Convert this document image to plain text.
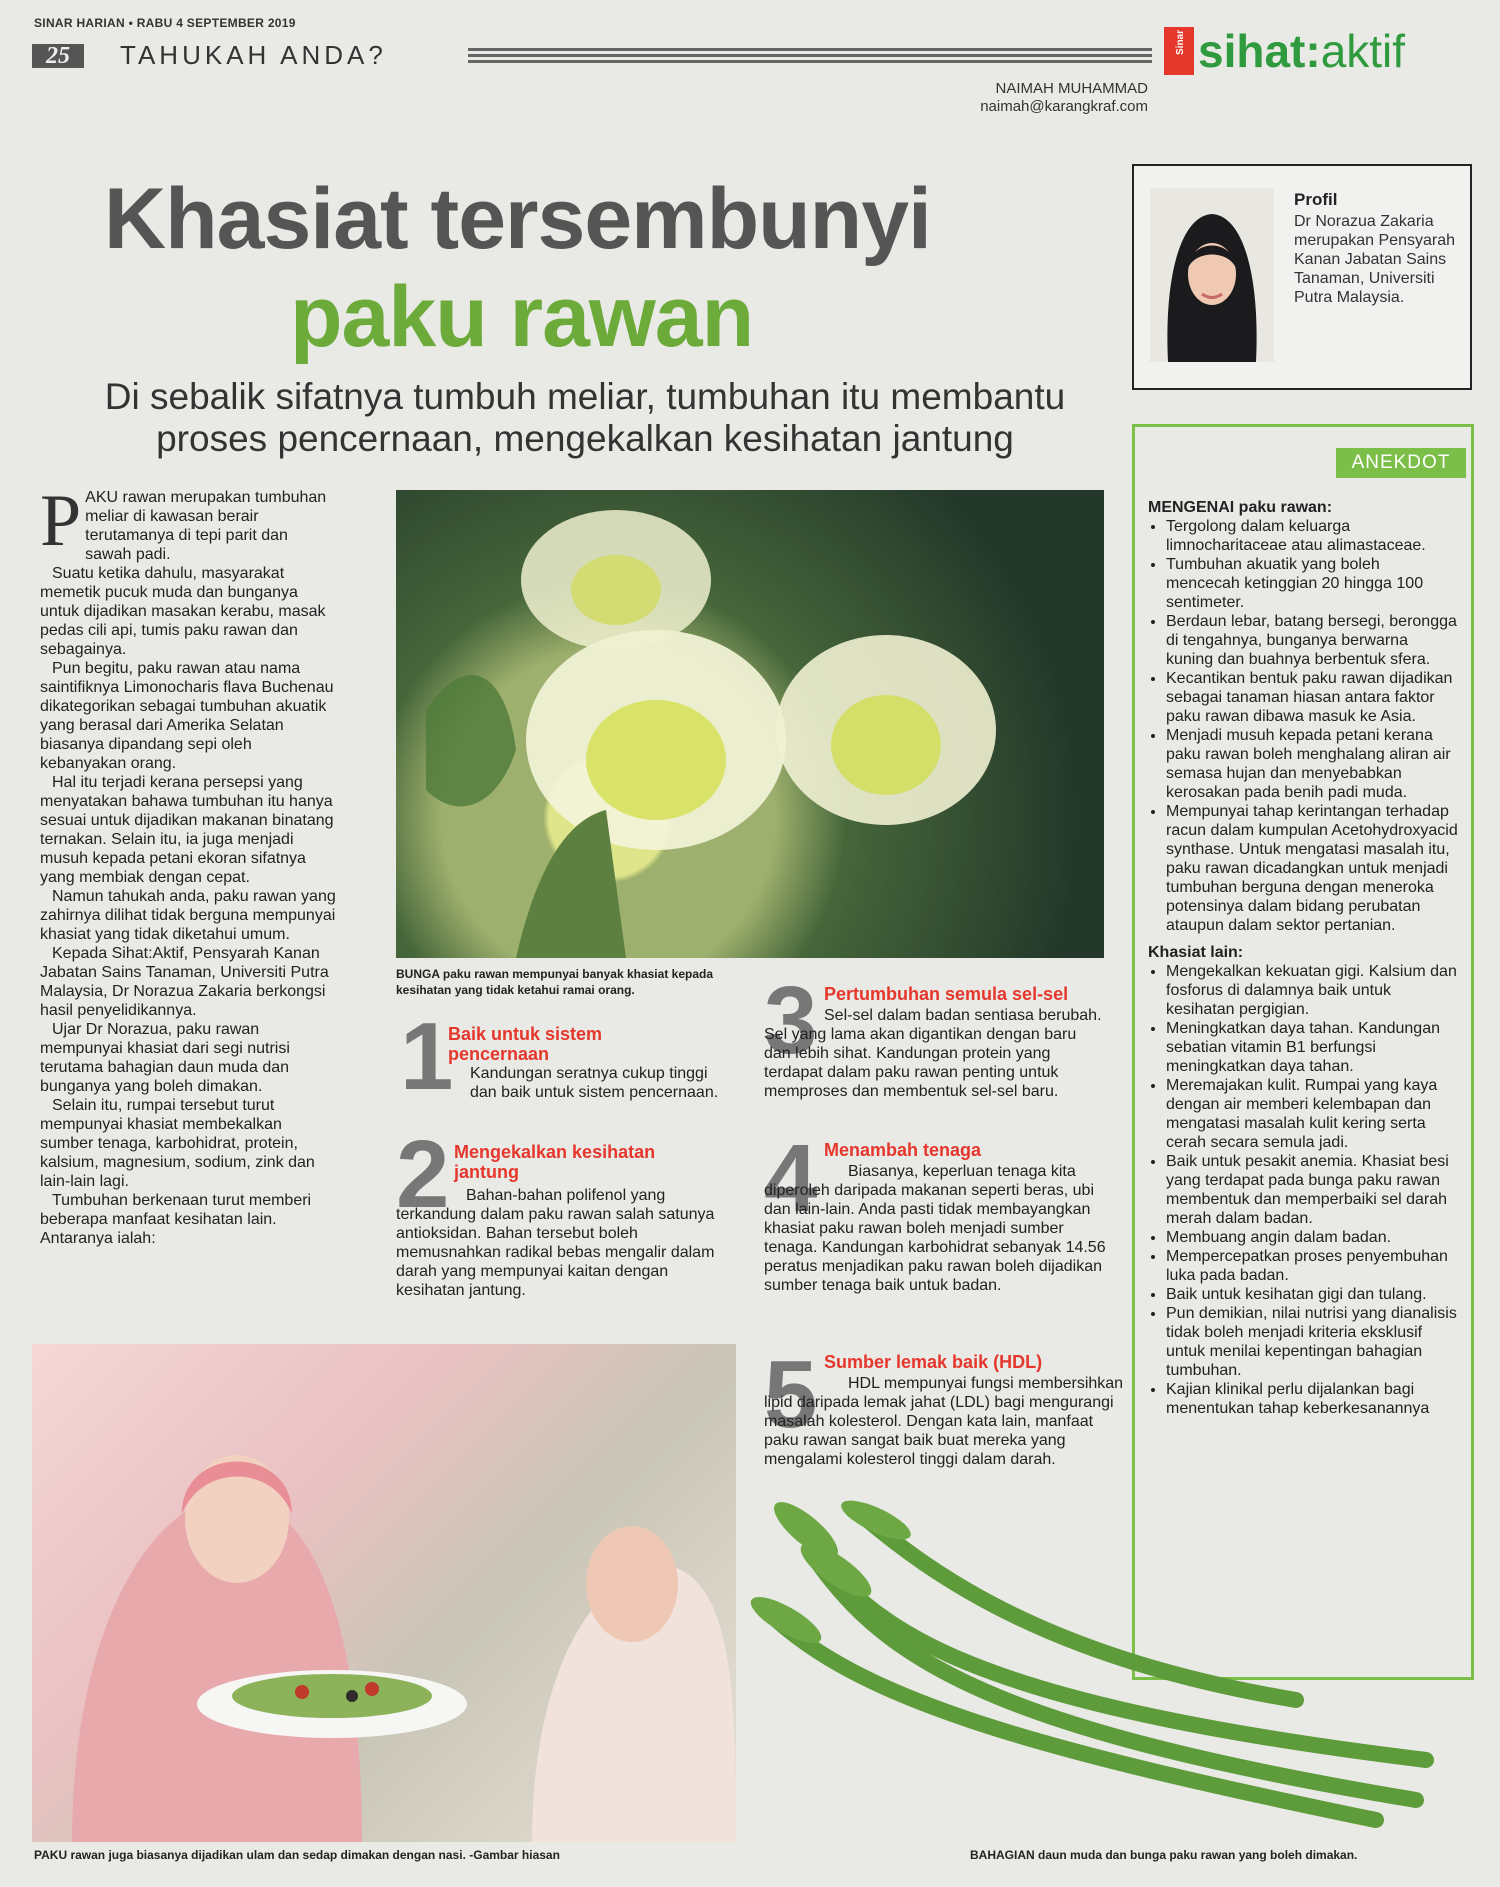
SINAR HARIAN • RABU 4 SEPTEMBER 2019
25	TAHUKAH ANDA?	Sinar sihat:aktif
NAIMAH MUHAMMAD
naimah@karangkraf.com
Khasiat tersembunyi
paku rawan
Di sebalik sifatnya tumbuh meliar, tumbuhan itu membantu proses pencernaan, mengekalkan kesihatan jantung
Profil
Dr Norazua Zakaria merupakan Pensyarah Kanan Jabatan Sains Tanaman, Universiti Putra Malaysia.
ANEKDOT
MENGENAI paku rawan:
• Tergolong dalam keluarga limnocharitaceae atau alimastaceae.
• Tumbuhan akuatik yang boleh mencecah ketinggian 20 hingga 100 sentimeter.
• Berdaun lebar, batang bersegi, berongga di tengahnya, bunganya berwarna kuning dan buahnya berbentuk sfera.
• Kecantikan bentuk paku rawan dijadikan sebagai tanaman hiasan antara faktor paku rawan dibawa masuk ke Asia.
• Menjadi musuh kepada petani kerana paku rawan boleh menghalang aliran air semasa hujan dan menyebabkan kerosakan pada benih padi muda.
• Mempunyai tahap kerintangan terhadap racun dalam kumpulan Acetohydroxyacid synthase. Untuk mengatasi masalah itu, paku rawan dicadangkan untuk menjadi tumbuhan berguna dengan meneroka potensinya dalam bidang perubatan ataupun dalam sektor pertanian.
Khasiat lain:
• Mengekalkan kekuatan gigi. Kalsium dan fosforus di dalamnya baik untuk kesihatan pergigian.
• Meningkatkan daya tahan. Kandungan sebatian vitamin B1 berfungsi meningkatkan daya tahan.
• Meremajakan kulit. Rumpai yang kaya dengan air memberi kelembapan dan mengatasi masalah kulit kering serta cerah secara semula jadi.
• Baik untuk pesakit anemia. Khasiat besi yang terdapat pada bunga paku rawan membentuk dan memperbaiki sel darah merah dalam badan.
• Membuang angin dalam badan.
• Mempercepatkan proses penyembuhan luka pada badan.
• Baik untuk kesihatan gigi dan tulang.
• Pun demikian, nilai nutrisi yang dianalisis tidak boleh menjadi kriteria eksklusif untuk menilai kepentingan bahagian tumbuhan.
• Kajian klinikal perlu dijalankan bagi menentukan tahap keberkesanannya
P AKU rawan merupakan tumbuhan meliar di kawasan berair terutamanya di tepi parit dan sawah padi.

Suatu ketika dahulu, masyarakat memetik pucuk muda dan bunganya untuk dijadikan masakan kerabu, masak pedas cili api, tumis paku rawan dan sebagainya.

Pun begitu, paku rawan atau nama saintifiknya Limonocharis flava Buchenau dikategorikan sebagai tumbuhan akuatik yang berasal dari Amerika Selatan biasanya dipandang sepi oleh kebanyakan orang.

Hal itu terjadi kerana persepsi yang menyatakan bahawa tumbuhan itu hanya sesuai untuk dijadikan makanan binatang ternakan. Selain itu, ia juga menjadi musuh kepada petani ekoran sifatnya yang membiak dengan cepat.

Namun tahukah anda, paku rawan yang zahirnya dilihat tidak berguna mempunyai khasiat yang tidak diketahui umum.

Kepada Sihat:Aktif, Pensyarah Kanan Jabatan Sains Tanaman, Universiti Putra Malaysia, Dr Norazua Zakaria berkongsi hasil penyelidikannya.

Ujar Dr Norazua, paku rawan mempunyai khasiat dari segi nutrisi terutama bahagian daun muda dan bunganya yang boleh dimakan.

Selain itu, rumpai tersebut turut mempunyai khasiat membekalkan sumber tenaga, karbohidrat, protein, kalsium, magnesium, sodium, zink dan lain-lain lagi.

Tumbuhan berkenaan turut memberi beberapa manfaat kesihatan lain. Antaranya ialah:

BUNGA paku rawan mempunyai banyak khasiat kepada kesihatan yang tidak ketahui ramai orang.
1
Baik untuk sistem pencernaan
Kandungan seratnya cukup tinggi dan baik untuk sistem pencernaan.
2 Mengekalkan kesihatan jantung
Bahan-bahan polifenol yang terkandung dalam paku rawan salah satunya antioksidan. Bahan tersebut boleh memusnahkan radikal bebas mengalir dalam darah yang mempunyai kaitan dengan kesihatan jantung.
3 Pertumbuhan semula sel-sel
Sel-sel dalam badan sentiasa berubah. Sel yang lama akan digantikan dengan baru dan lebih sihat. Kandungan protein yang terdapat dalam paku rawan penting untuk memproses dan membentuk sel-sel baru.
4 Menambah tenaga
Biasanya, keperluan tenaga kita diperoleh daripada makanan seperti beras, ubi dan lain-lain. Anda pasti tidak membayangkan khasiat paku rawan boleh menjadi sumber tenaga. Kandungan karbohidrat sebanyak 14.56 peratus menjadikan paku rawan boleh dijadikan sumber tenaga baik untuk badan.
5 Sumber lemak baik (HDL)
HDL mempunyai fungsi membersihkan lipid daripada lemak jahat (LDL) bagi mengurangi masalah kolesterol. Dengan kata lain, manfaat paku rawan sangat baik buat mereka yang mengalami kolesterol tinggi dalam darah.
PAKU rawan juga biasanya dijadikan ulam dan sedap dimakan dengan nasi. -Gambar hiasan	BAHAGIAN daun muda dan bunga paku rawan yang boleh dimakan.
